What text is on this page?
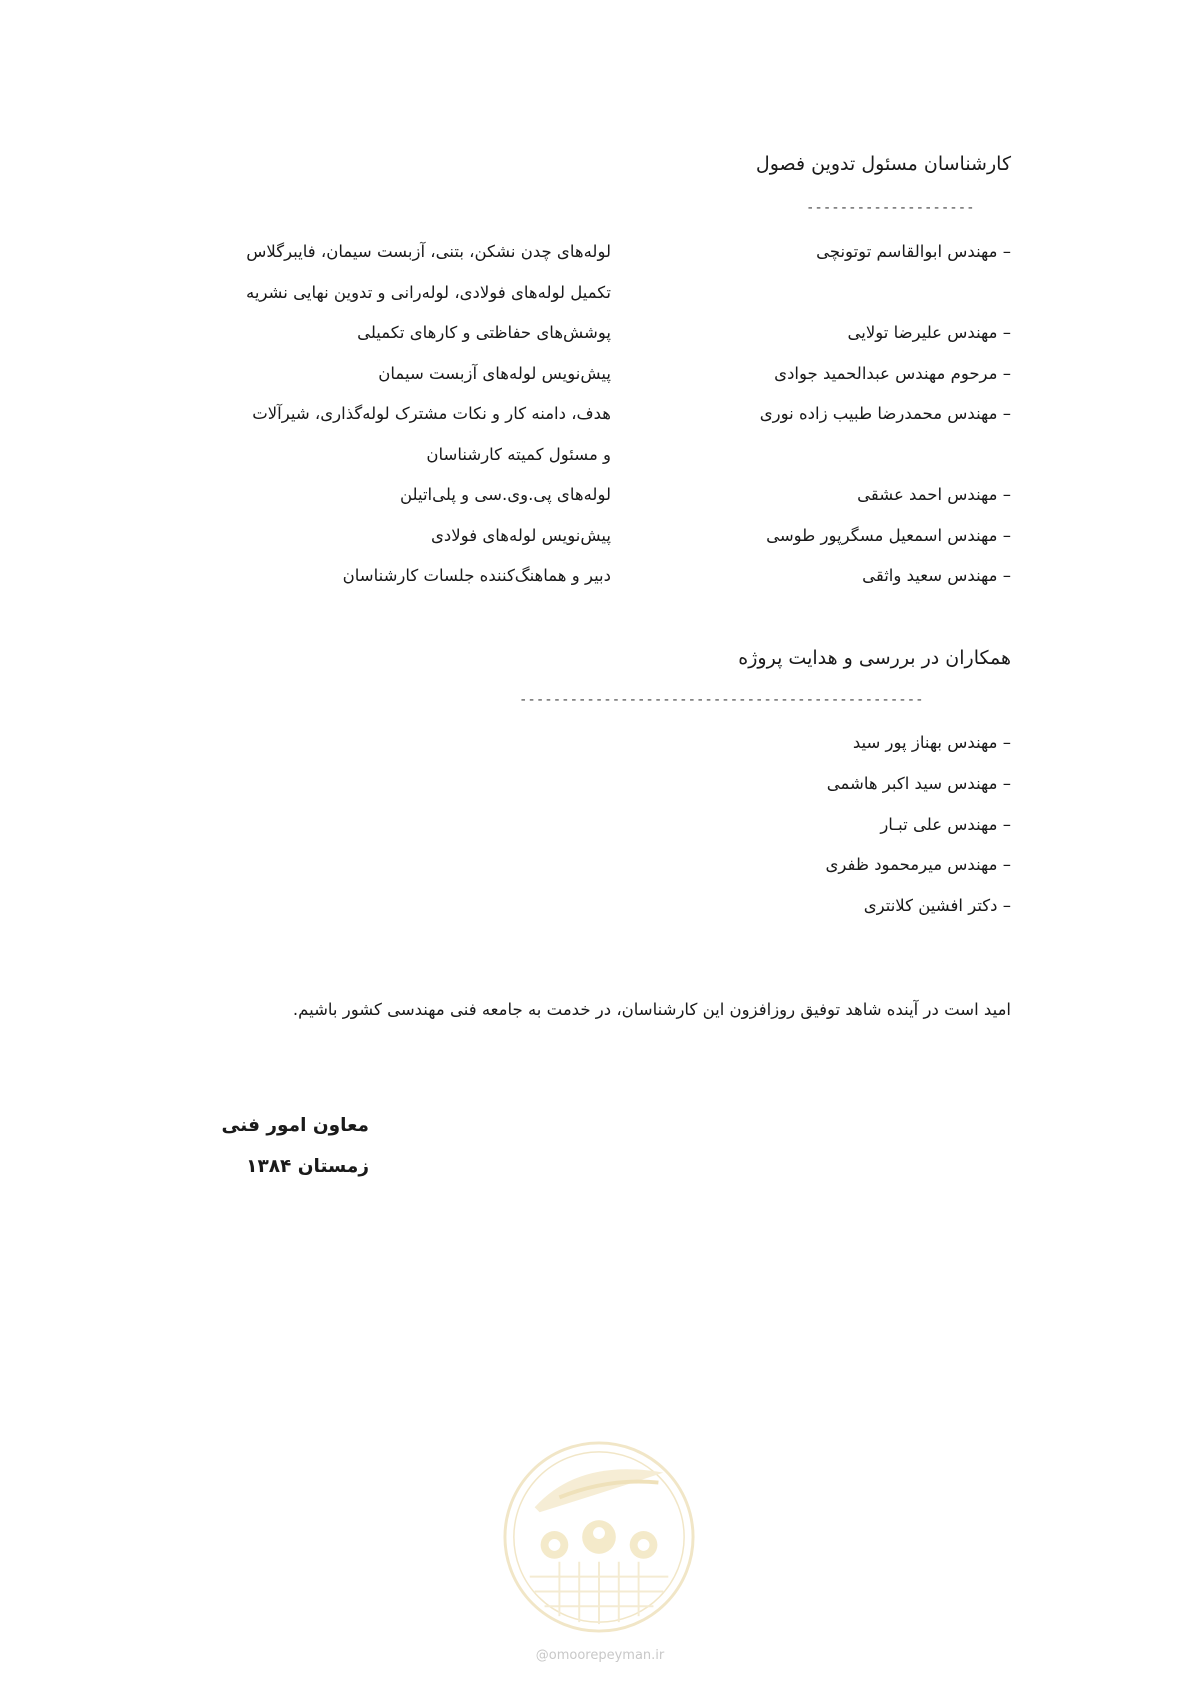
کارشناسان مسئول تدوین فصول
--------------------
– مهندس ابوالقاسم توتونچی
لوله‌های چدن نشکن، بتنی، آزبست سیمان، فایبرگلاس
تکمیل لوله‌های فولادی، لوله‌رانی و تدوین نهایی نشریه
– مهندس علیرضا تولایی
پوشش‌های حفاظتی و کارهای تکمیلی
– مرحوم مهندس عبدالحمید جوادی
پیش‌نویس لوله‌های آزبست سیمان
– مهندس محمدرضا طبیب زاده نوری
هدف، دامنه کار و نکات مشترک لوله‌گذاری، شیرآلات
و مسئول کمیته کارشناسان
– مهندس احمد عشقی
لوله‌های پی.وی.سی و پلی‌اتیلن
– مهندس اسمعیل مسگرپور طوسی
پیش‌نویس لوله‌های فولادی
– مهندس سعید واثقی
دبیر و هماهنگ‌کننده جلسات کارشناسان
همکاران در بررسی و هدایت پروژه
------------------------------------------------
– مهندس بهناز پور سید
– مهندس سید اکبر هاشمی
– مهندس علی تبـار
– مهندس میرمحمود ظفری
– دکتر افشین کلانتری
امید است در آینده شاهد توفیق روزافزون این کارشناسان، در خدمت به جامعه فنی مهندسی کشور باشیم.
معاون امور فنی
زمستان ۱۳۸۴
@omoorepeyman.ir
